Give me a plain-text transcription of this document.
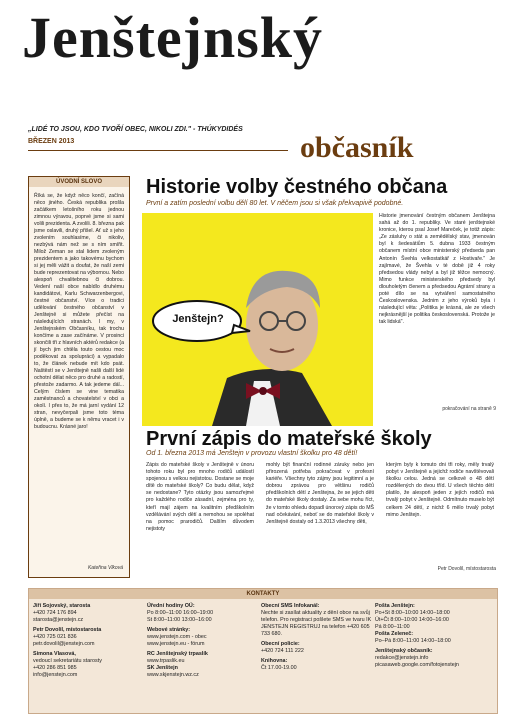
Jenštejnský
občasník
„LIDÉ TO JSOU, KDO TVOŘÍ OBEC, NIKOLI ZDI." - THÚKYDIDÉS
BŘEZEN 2013
ÚVODNÍ SLOVO
Říká se, že když něco končí, začíná něco jiného. Česká republika prošla začátkem letošního roku jednou zimnou výravou, poprvé jsme si sami volili prezidenta. A zvolili. 8. března pak jsme oslavili, druhý přišel. Ať už s jeho zvolením souhlasíme, či nikoliv, nezbývá nám než se s ním smířit. Milož Zeman se stal lidem zvoleným prezidentem a jako takovému bychom si jej měli vážit a doufat, že naší zemi bude reprezentovat na výbornou. Nebo alespoň chvalitebnou či dobrou. Vedení naší obce nabídlo druhému kandidátovi, Karlu Schwarzenbergovi, čestné občanství. Více o tradici udělování čestného občanství v Jenštejně si můžete přečíst na následujících stranách. I my, v Jenštejnském Občasníku, tak trochu končíme a zase začínáme. V prosinci skončili tři z hlavních aktérů redakce (a jí bych jim chtěla touto cestou moc poděkovat za spolupráci) a vypadalo to, že článek nebude mít kdo psát. Naštěstí se v Jenštejně našli další lidé ochotní dělat něco pro druhé a radostí, přestože zadarmo. A tak jedeme dál... Celým číslem se vine tematika zaměstnanců a chovatelství v obci a okolí. I přes to, že má jarní vydání 12 stran, nevyčerpali jsme toto téma úplně, a budeme se k němu vracet i v budoucnu. Krásné jaro!
Kateřina Vlková
Historie volby čestného občana
První a zatím poslední volbu dělí 80 let. V něčem jsou si však překvapivě podobné.
Jenštejn?
Historie jmenování čestným občanem Jenštejna sahá až do 1. republiky. Ve staré jenštejnské kronice, kterou psal Josef Mareček, je totiž zápis: „Ze zásluhy o stát a zemědělský stav, jmenován byl k šedesátiům 5. dubna 1933 čestným občanem místní obce ministerský předseda pan Antonín Švehla velkostatkář z Hostivaře." Je zajímavé, že Švehla v té době již 4 roky předsedou vlády nebyl a byl již těžce nemocný. Mimo funkce ministerského předsedy byl dlouholetým členem a předsedou Agrární strany a poté dílo se na vytváření samostatného Československa. Jednim z jeho výroků byla i následující věta: „Politika je krásná, ale ze všech nejkrásnější je politika československá. Protože je tak lidská".
pokračování na straně 9
První zápis do mateřské školy
Od 1. března 2013 má Jenštejn v provozu vlastní školku pro 48 dětí!
Zápis do mateřské školy v Jenštejně v únoru tohoto roku byl pro mnoho rodičů událostí spojenou s velkou nejistotou. Dostane se moje dítě do mateřské školy? Co budu dělat, když se nedostane? Tyto otázky jsou samozřejmé pro každého rodiče zásadní, zejména pro ty, kteří mají zájem na kvalitním předškolním vzdělávání svých dětí a nemohou se spoléhat na pomoc prarodičů. Dalším důvodem nejistoty
mohly být finanční rodinné záruky nebo jen přirozená potřeba pokračovat v profesní kariéře. Všechny tyto zájmy jsou legitimní a je dobrou zprávou pro většinu rodičů předškolních dětí z Jenštejna, že se jejich děti do mateřské školy dostaly. Za sebe mohu říct, že v tomto ohledu dopadl únorový zápis do MŠ nad očekávání, neboť se do mateřské školy v Jenštejně dostaly od 1.3.2013 všechny děti,
kterým byly k tomuto dni tři roky, měly trvalý pobyt v Jenštejně a jejichž rodiče navštěvovali školku celou. Jedná se celkově o 48 dětí rozdělených do dvou tříd. U všech těchto dětí platilo, že alespoň jeden z jejích rodičů má trvalý pobyt v Jenštejně. Odmítnuto muselo být celkem 24 dětí, z nichž 6 mělo trvalý pobyt mimo Jenštejn.
Petr Dovolil, místostarosta
KONTAKTY
Jiří Sojovský, starosta
+420 724 176 894
starosta@jenstejn.cz
Petr Dovolil, místostarosta
+420 725 021 836
petr.dovolil@jenstejn.com
Simona Vlasová,
vedoucí sekretariátu starosty
+420 286 851 985
info@jenstejn.com
Úřední hodiny OÚ:
Po 8:00–11:00 16:00–19:00
St 8:00–11:00 13:00–16:00
Webové stránky:
www.jenstejn.com - obec
www.jenstejn.eu - fórum
RC Jenštejnský trpaslík
www.trpaslik.eu
SK Jenštejn
www.skjenstejn.wz.cz
Obecní SMS Infokanál:
Nechte si zasílat aktuality z dění obce na svůj telefon. Pro registraci pošlete SMS ve tvaru IK JENSTEJN REGISTRUJ na telefon +420 605 733 680.
Obecní policie:
+420 724 111 222
Knihovna:
Čt 17.00-19.00
Pošta Jenštejn:
Po+St 8:00–10:00 14:00–18:00
Út+Čt 8:00–10:00 14:00–16:00
Pá 8:00–11:00
Pošta Zeleneč:
Po–Pá 8:00–11:00 14:00–18:00
Jenštejnský občasník:
redakce@jenstejn.info
picasaweb.google.com/fotojenstejn
